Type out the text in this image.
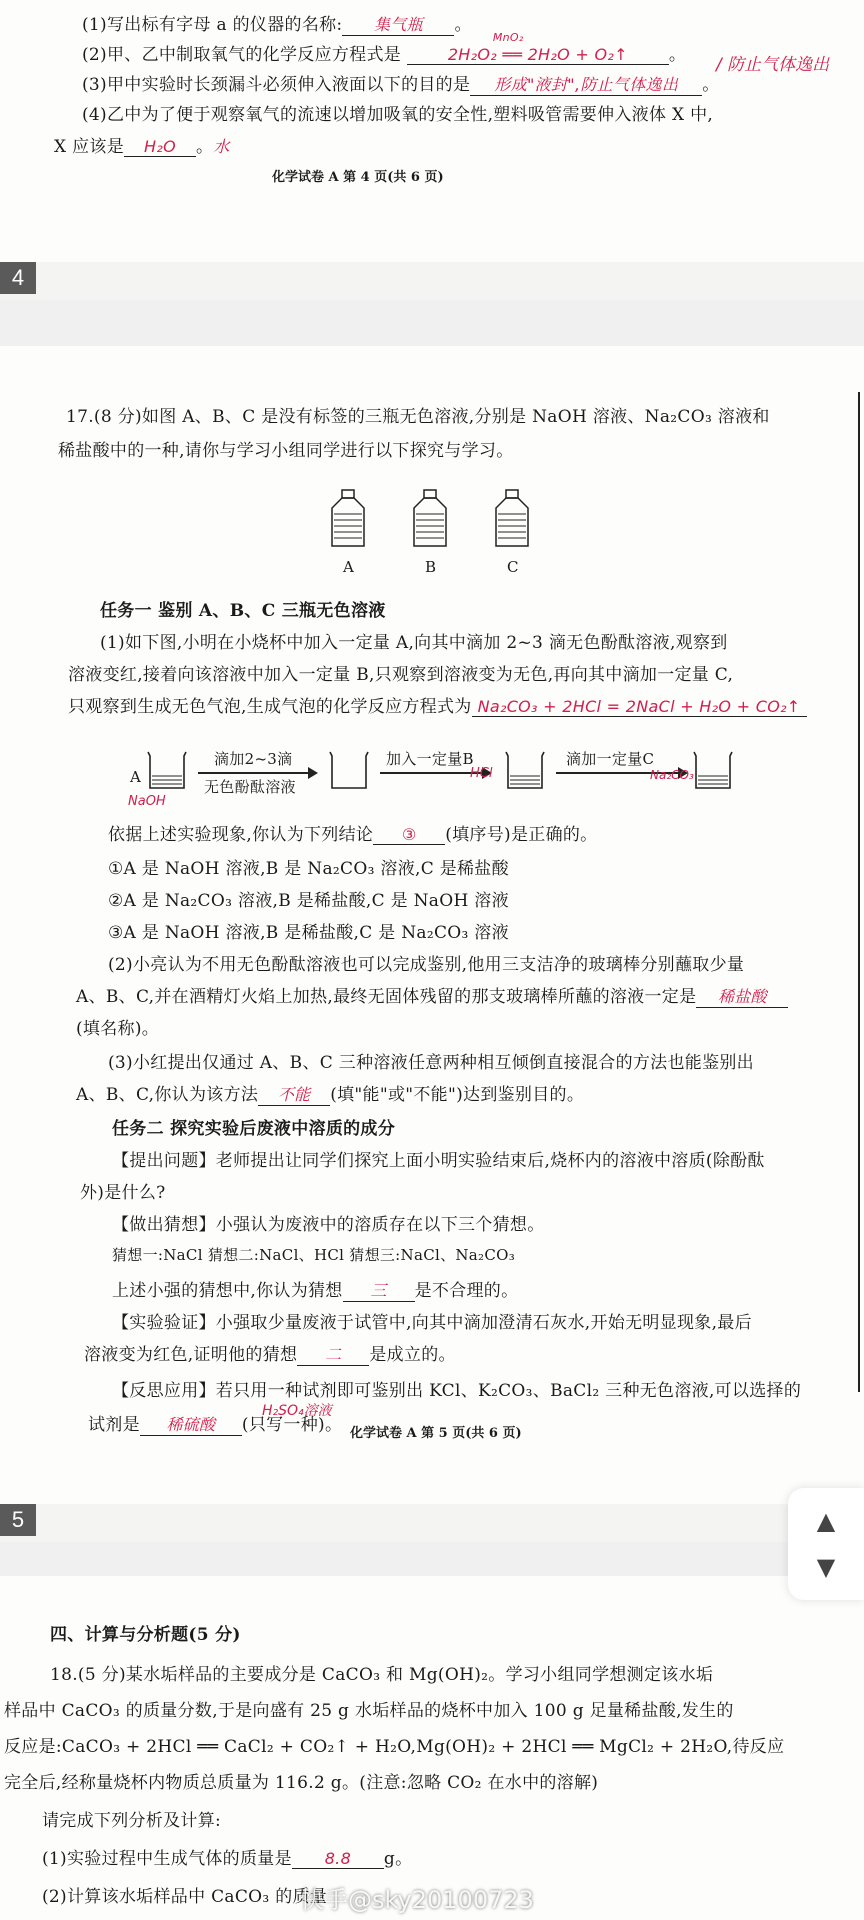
(1)写出标有字母 a 的仪器的名称: 集气瓶 。
(2)甲、乙中制取氧气的化学反应方程式是
MnO₂
2H₂O₂ ══ 2H₂O + O₂↑ 。
(3)甲中实验时长颈漏斗必须伸入液面以下的目的是 形成"液封",防止气体逸出 。
/ 防止气体逸出
(4)乙中为了便于观察氧气的流速以增加吸氧的安全性,塑料吸管需要伸入液体 X 中,
X 应该是 H₂O 。水
化学试卷 A 第 4 页(共 6 页)
4
17.(8 分)如图 A、B、C 是没有标签的三瓶无色溶液,分别是 NaOH 溶液、Na₂CO₃ 溶液和
稀盐酸中的一种,请你与学习小组同学进行以下探究与学习。
A	B	C
任务一 鉴别 A、B、C 三瓶无色溶液
(1)如下图,小明在小烧杯中加入一定量 A,向其中滴加 2~3 滴无色酚酞溶液,观察到
溶液变红,接着向该溶液中加入一定量 B,只观察到溶液变为无色,再向其中滴加一定量 C,
只观察到生成无色气泡,生成气泡的化学反应方程式为 Na₂CO₃ + 2HCl = 2NaCl + H₂O + CO₂↑
A
NaOH
滴加2~3滴
无色酚酞溶液
加入一定量B
HCl
滴加一定量C
Na₂CO₃
依据上述实验现象,你认为下列结论 ③ (填序号)是正确的。
①A 是 NaOH 溶液,B 是 Na₂CO₃ 溶液,C 是稀盐酸
②A 是 Na₂CO₃ 溶液,B 是稀盐酸,C 是 NaOH 溶液
③A 是 NaOH 溶液,B 是稀盐酸,C 是 Na₂CO₃ 溶液
(2)小亮认为不用无色酚酞溶液也可以完成鉴别,他用三支洁净的玻璃棒分别蘸取少量
A、B、C,并在酒精灯火焰上加热,最终无固体残留的那支玻璃棒所蘸的溶液一定是 稀盐酸
(填名称)。
(3)小红提出仅通过 A、B、C 三种溶液任意两种相互倾倒直接混合的方法也能鉴别出
A、B、C,你认为该方法 不能 (填"能"或"不能")达到鉴别目的。
任务二 探究实验后废液中溶质的成分
【提出问题】老师提出让同学们探究上面小明实验结束后,烧杯内的溶液中溶质(除酚酞
外)是什么?
【做出猜想】小强认为废液中的溶质存在以下三个猜想。
猜想一:NaCl 猜想二:NaCl、HCl 猜想三:NaCl、Na₂CO₃
上述小强的猜想中,你认为猜想 三 是不合理的。
【实验验证】小强取少量废液于试管中,向其中滴加澄清石灰水,开始无明显现象,最后
溶液变为红色,证明他的猜想 二 是成立的。
【反思应用】若只用一种试剂即可鉴别出 KCl、K₂CO₃、BaCl₂ 三种无色溶液,可以选择的
试剂是 稀硫酸 (只写一种)。
H₂SO₄溶液
化学试卷 A 第 5 页(共 6 页)
5
四、计算与分析题(5 分)
18.(5 分)某水垢样品的主要成分是 CaCO₃ 和 Mg(OH)₂。学习小组同学想测定该水垢
样品中 CaCO₃ 的质量分数,于是向盛有 25 g 水垢样品的烧杯中加入 100 g 足量稀盐酸,发生的
反应是:CaCO₃ + 2HCl ══ CaCl₂ + CO₂↑ + H₂O,Mg(OH)₂ + 2HCl ══ MgCl₂ + 2H₂O,待反应
完全后,经称量烧杯内物质总质量为 116.2 g。(注意:忽略 CO₂ 在水中的溶解)
请完成下列分析及计算:
(1)实验过程中生成气体的质量是 8.8 g。
(2)计算该水垢样品中 CaCO₃ 的质量
▲
▼
快手@sky20100723
